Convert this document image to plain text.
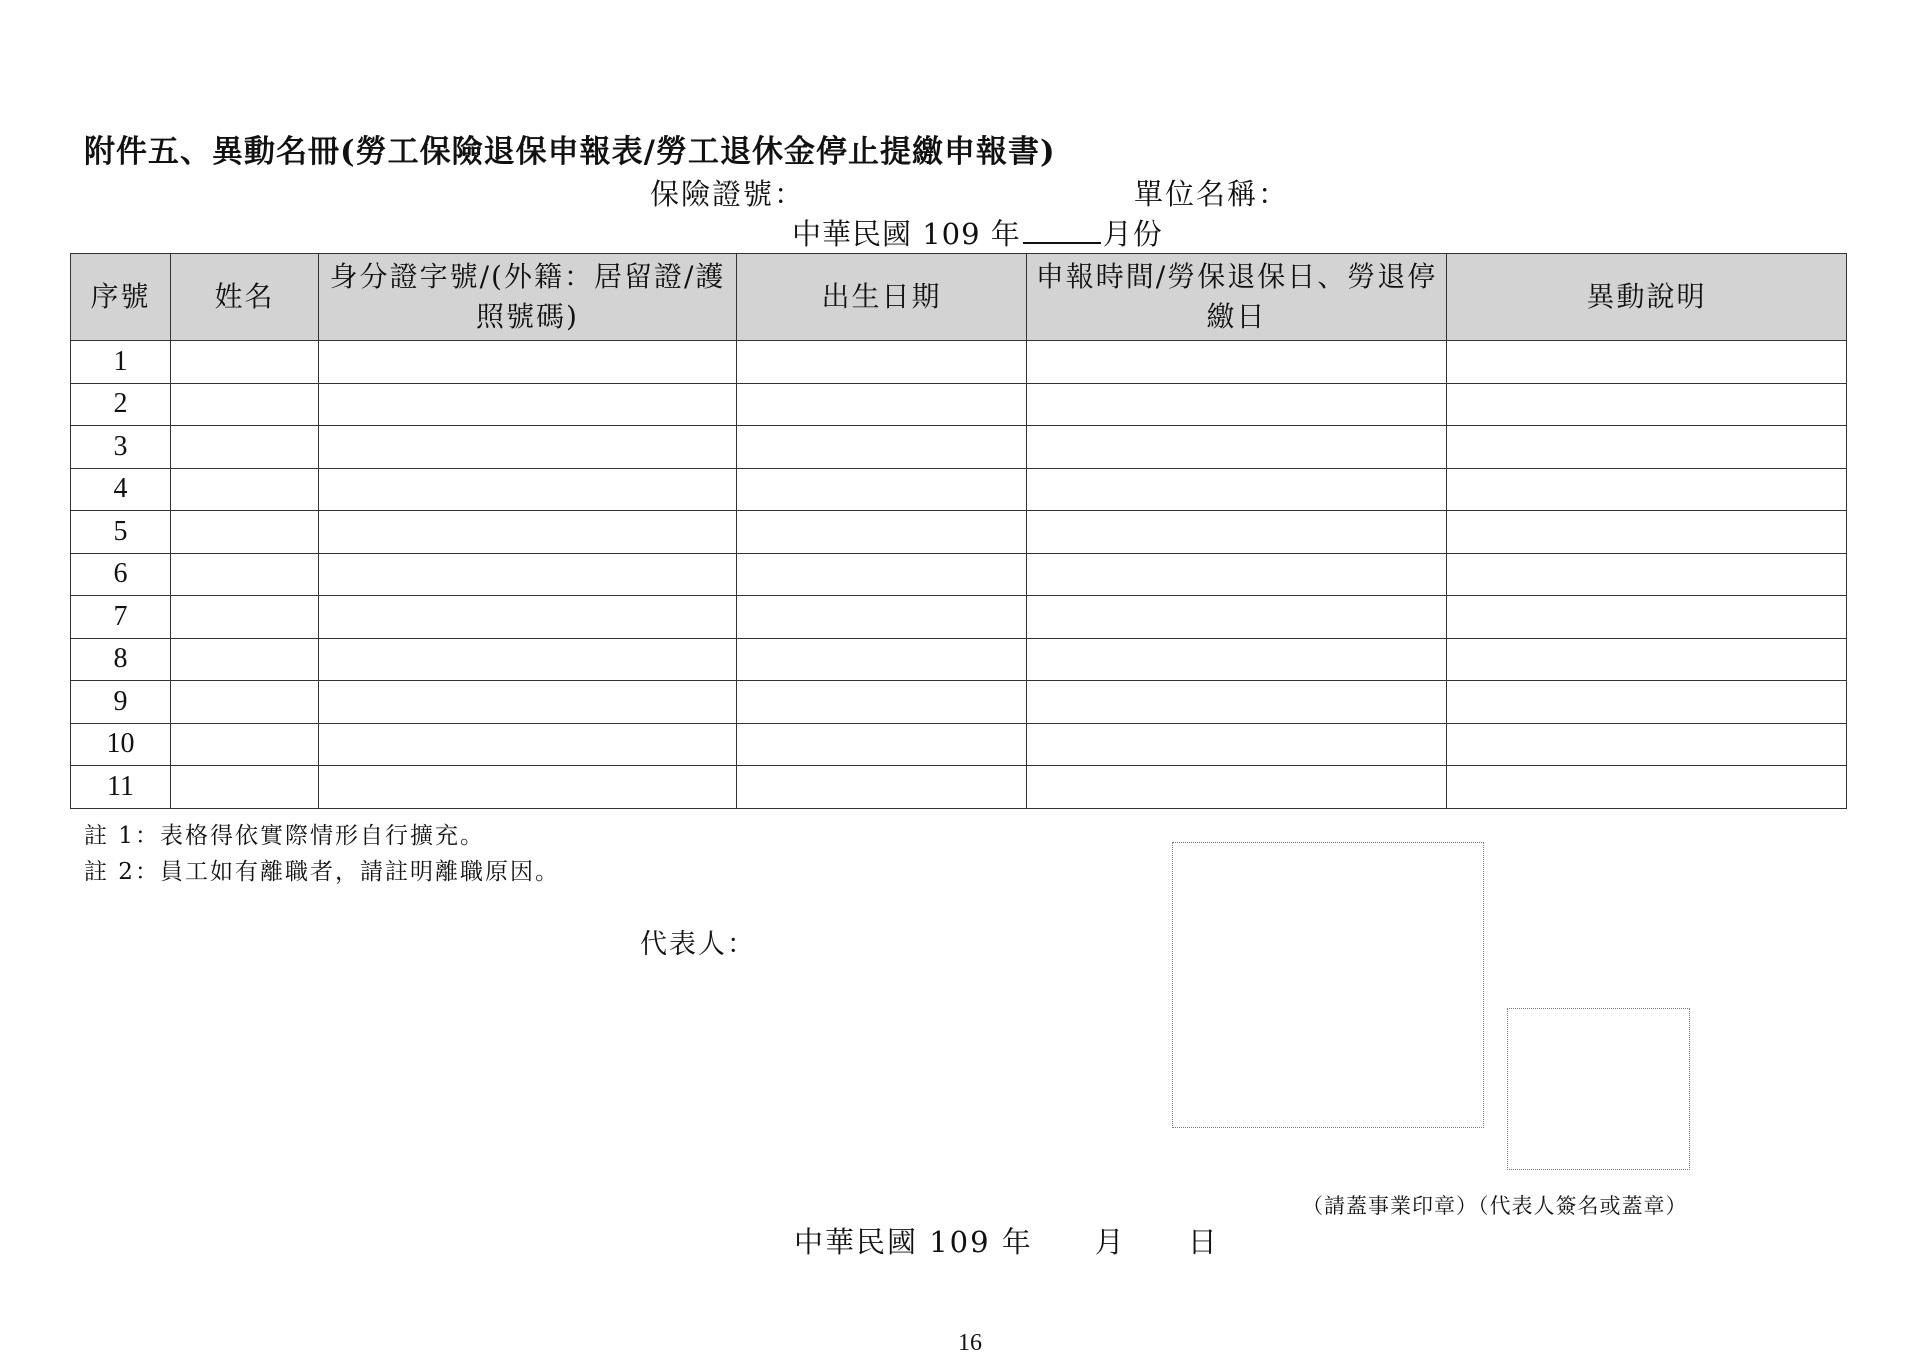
附件五、異動名冊(勞工保險退保申報表/勞工退休金停止提繳申報書)
保險證號：	單位名稱：
中華民國 109 年	月份
序號	姓名	身分證字號/(外籍：居留證/護照號碼)	出生日期	申報時間/勞保退保日、勞退停繳日	異動說明
1					
2					
3					
4					
5					
6					
7					
8					
9					
10					
11					
註 1：表格得依實際情形自行擴充。
註 2：員工如有離職者，請註明離職原因。
代表人：
（請蓋事業印章）（代表人簽名或蓋章）
中華民國 109 年　　月　　日
16
